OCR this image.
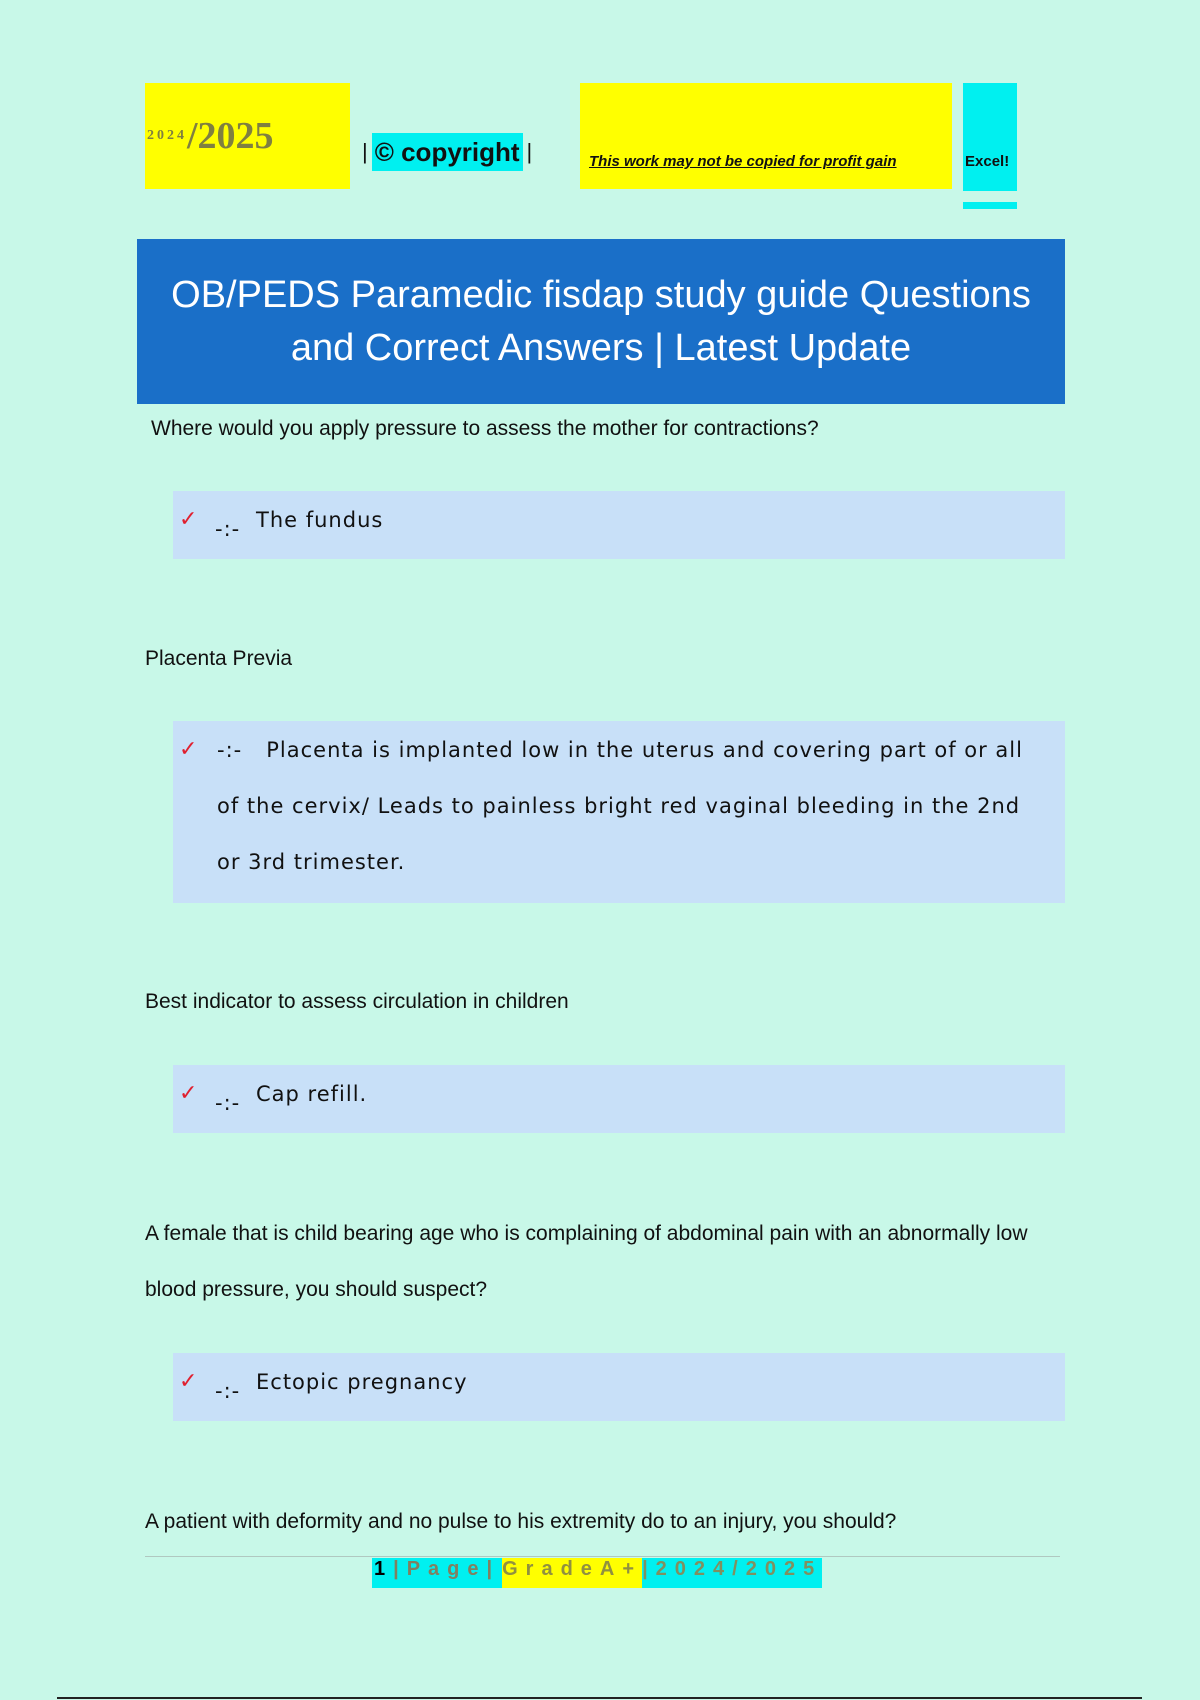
2024 /2025	| © copyright |	This work may not be copied for profit gain	Excel!
OB/PEDS Paramedic fisdap study guide Questions and Correct Answers | Latest Update
Where would you apply pressure to assess the mother for contractions?
✓ -:- The fundus

Placenta Previa
✓ -:- Placenta is implanted low in the uterus and covering part of or all of the cervix/ Leads to painless bright red vaginal bleeding in the 2nd or 3rd trimester.

Best indicator to assess circulation in children
✓ -:- Cap refill.

A female that is child bearing age who is complaining of abdominal pain with an abnormally low blood pressure, you should suspect?
✓ -:- Ectopic pregnancy

A patient with deformity and no pulse to his extremity do to an injury, you should?
1|Page| GradeA+ |2024/2025
